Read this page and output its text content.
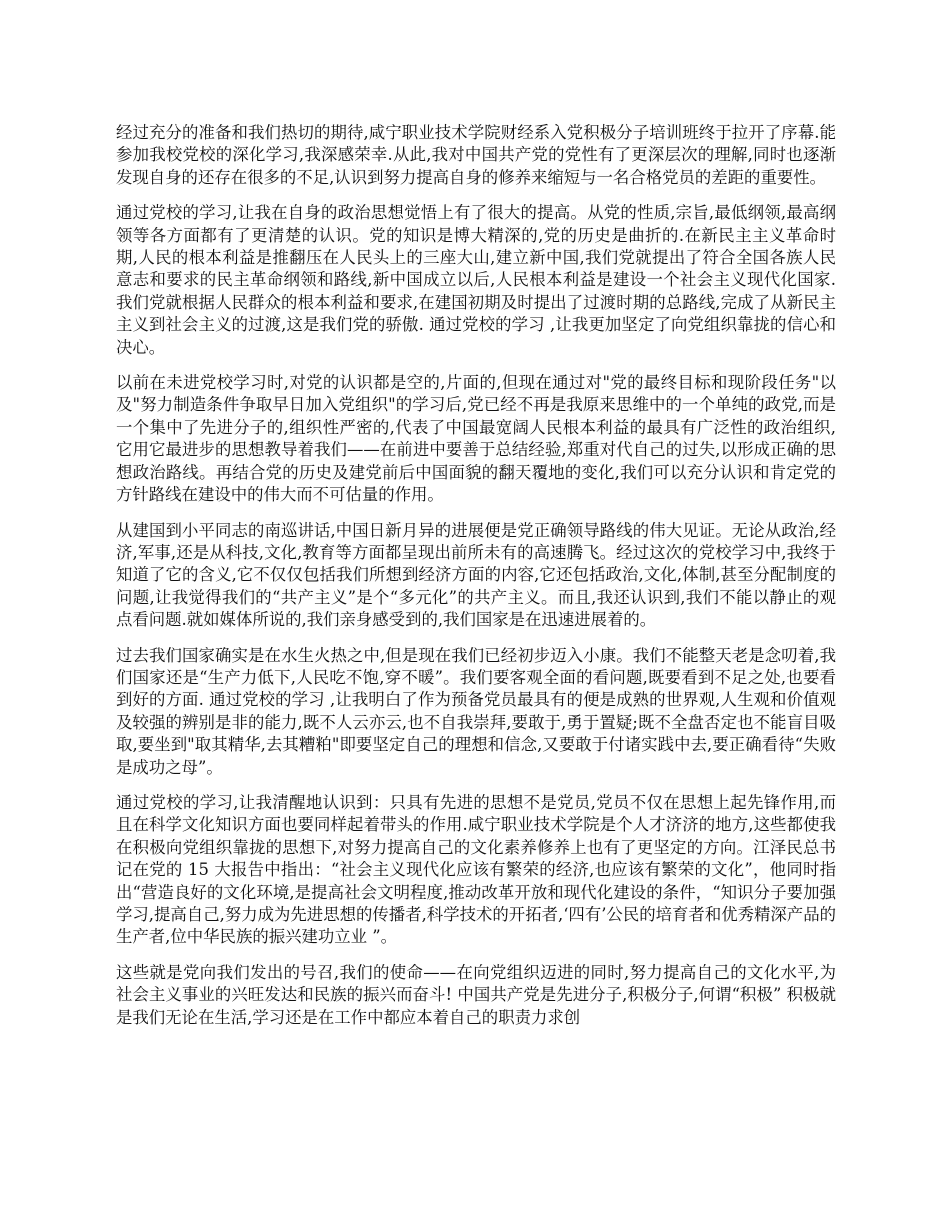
经过充分的准备和我们热切的期待,咸宁职业技术学院财经系入党积极分子培训班终于拉开了序幕.能参加我校党校的深化学习,我深感荣幸.从此,我对中国共产党的党性有了更深层次的理解,同时也逐渐发现自身的还存在很多的不足,认识到努力提高自身的修养来缩短与一名合格党员的差距的重要性。

通过党校的学习,让我在自身的政治思想觉悟上有了很大的提高。从党的性质,宗旨,最低纲领,最高纲领等各方面都有了更清楚的认识。党的知识是博大精深的,党的历史是曲折的.在新民主主义革命时期,人民的根本利益是推翻压在人民头上的三座大山,建立新中国,我们党就提出了符合全国各族人民意志和要求的民主革命纲领和路线,新中国成立以后,人民根本利益是建设一个社会主义现代化国家.我们党就根据人民群众的根本利益和要求,在建国初期及时提出了过渡时期的总路线,完成了从新民主主义到社会主义的过渡,这是我们党的骄傲. 通过党校的学习 ,让我更加坚定了向党组织靠拢的信心和决心。

以前在未进党校学习时,对党的认识都是空的,片面的,但现在通过对"党的最终目标和现阶段任务"以及"努力制造条件争取早日加入党组织"的学习后,党已经不再是我原来思维中的一个单纯的政党,而是一个集中了先进分子的,组织性严密的,代表了中国最宽阔人民根本利益的最具有广泛性的政治组织,它用它最进步的思想教导着我们——在前进中要善于总结经验,郑重对代自己的过失,以形成正确的思想政治路线。再结合党的历史及建党前后中国面貌的翻天覆地的变化,我们可以充分认识和肯定党的方针路线在建设中的伟大而不可估量的作用。

从建国到小平同志的南巡讲话,中国日新月异的进展便是党正确领导路线的伟大见证。无论从政治,经济,军事,还是从科技,文化,教育等方面都呈现出前所未有的高速腾飞。经过这次的党校学习中,我终于知道了它的含义,它不仅仅包括我们所想到经济方面的内容,它还包括政治,文化,体制,甚至分配制度的问题,让我觉得我们的“共产主义”是个“多元化”的共产主义。而且,我还认识到,我们不能以静止的观点看问题.就如媒体所说的,我们亲身感受到的,我们国家是在迅速进展着的。

过去我们国家确实是在水生火热之中,但是现在我们已经初步迈入小康。我们不能整天老是念叨着,我们国家还是“生产力低下,人民吃不饱,穿不暖”。我们要客观全面的看问题,既要看到不足之处,也要看到好的方面. 通过党校的学习 ,让我明白了作为预备党员最具有的便是成熟的世界观,人生观和价值观及较强的辨别是非的能力,既不人云亦云,也不自我崇拜,要敢于,勇于置疑;既不全盘否定也不能盲目吸取,要坐到"取其精华,去其糟粕"即要坚定自己的理想和信念,又要敢于付诸实践中去,要正确看待“失败是成功之母”。

通过党校的学习,让我清醒地认识到：只具有先进的思想不是党员,党员不仅在思想上起先锋作用,而且在科学文化知识方面也要同样起着带头的作用.咸宁职业技术学院是个人才济济的地方,这些都使我在积极向党组织靠拢的思想下,对努力提高自己的文化素养修养上也有了更坚定的方向。江泽民总书记在党的 15 大报告中指出：“社会主义现代化应该有繁荣的经济,也应该有繁荣的文化”，他同时指出“营造良好的文化环境,是提高社会文明程度,推动改革开放和现代化建设的条件，“知识分子要加强学习,提高自己,努力成为先进思想的传播者,科学技术的开拓者,‘四有’公民的培育者和优秀精深产品的生产者,位中华民族的振兴建功立业 ”。

这些就是党向我们发出的号召,我们的使命——在向党组织迈进的同时,努力提高自己的文化水平,为社会主义事业的兴旺发达和民族的振兴而奋斗! 中国共产党是先进分子,积极分子,何谓“积极” 积极就是我们无论在生活,学习还是在工作中都应本着自己的职责力求创
